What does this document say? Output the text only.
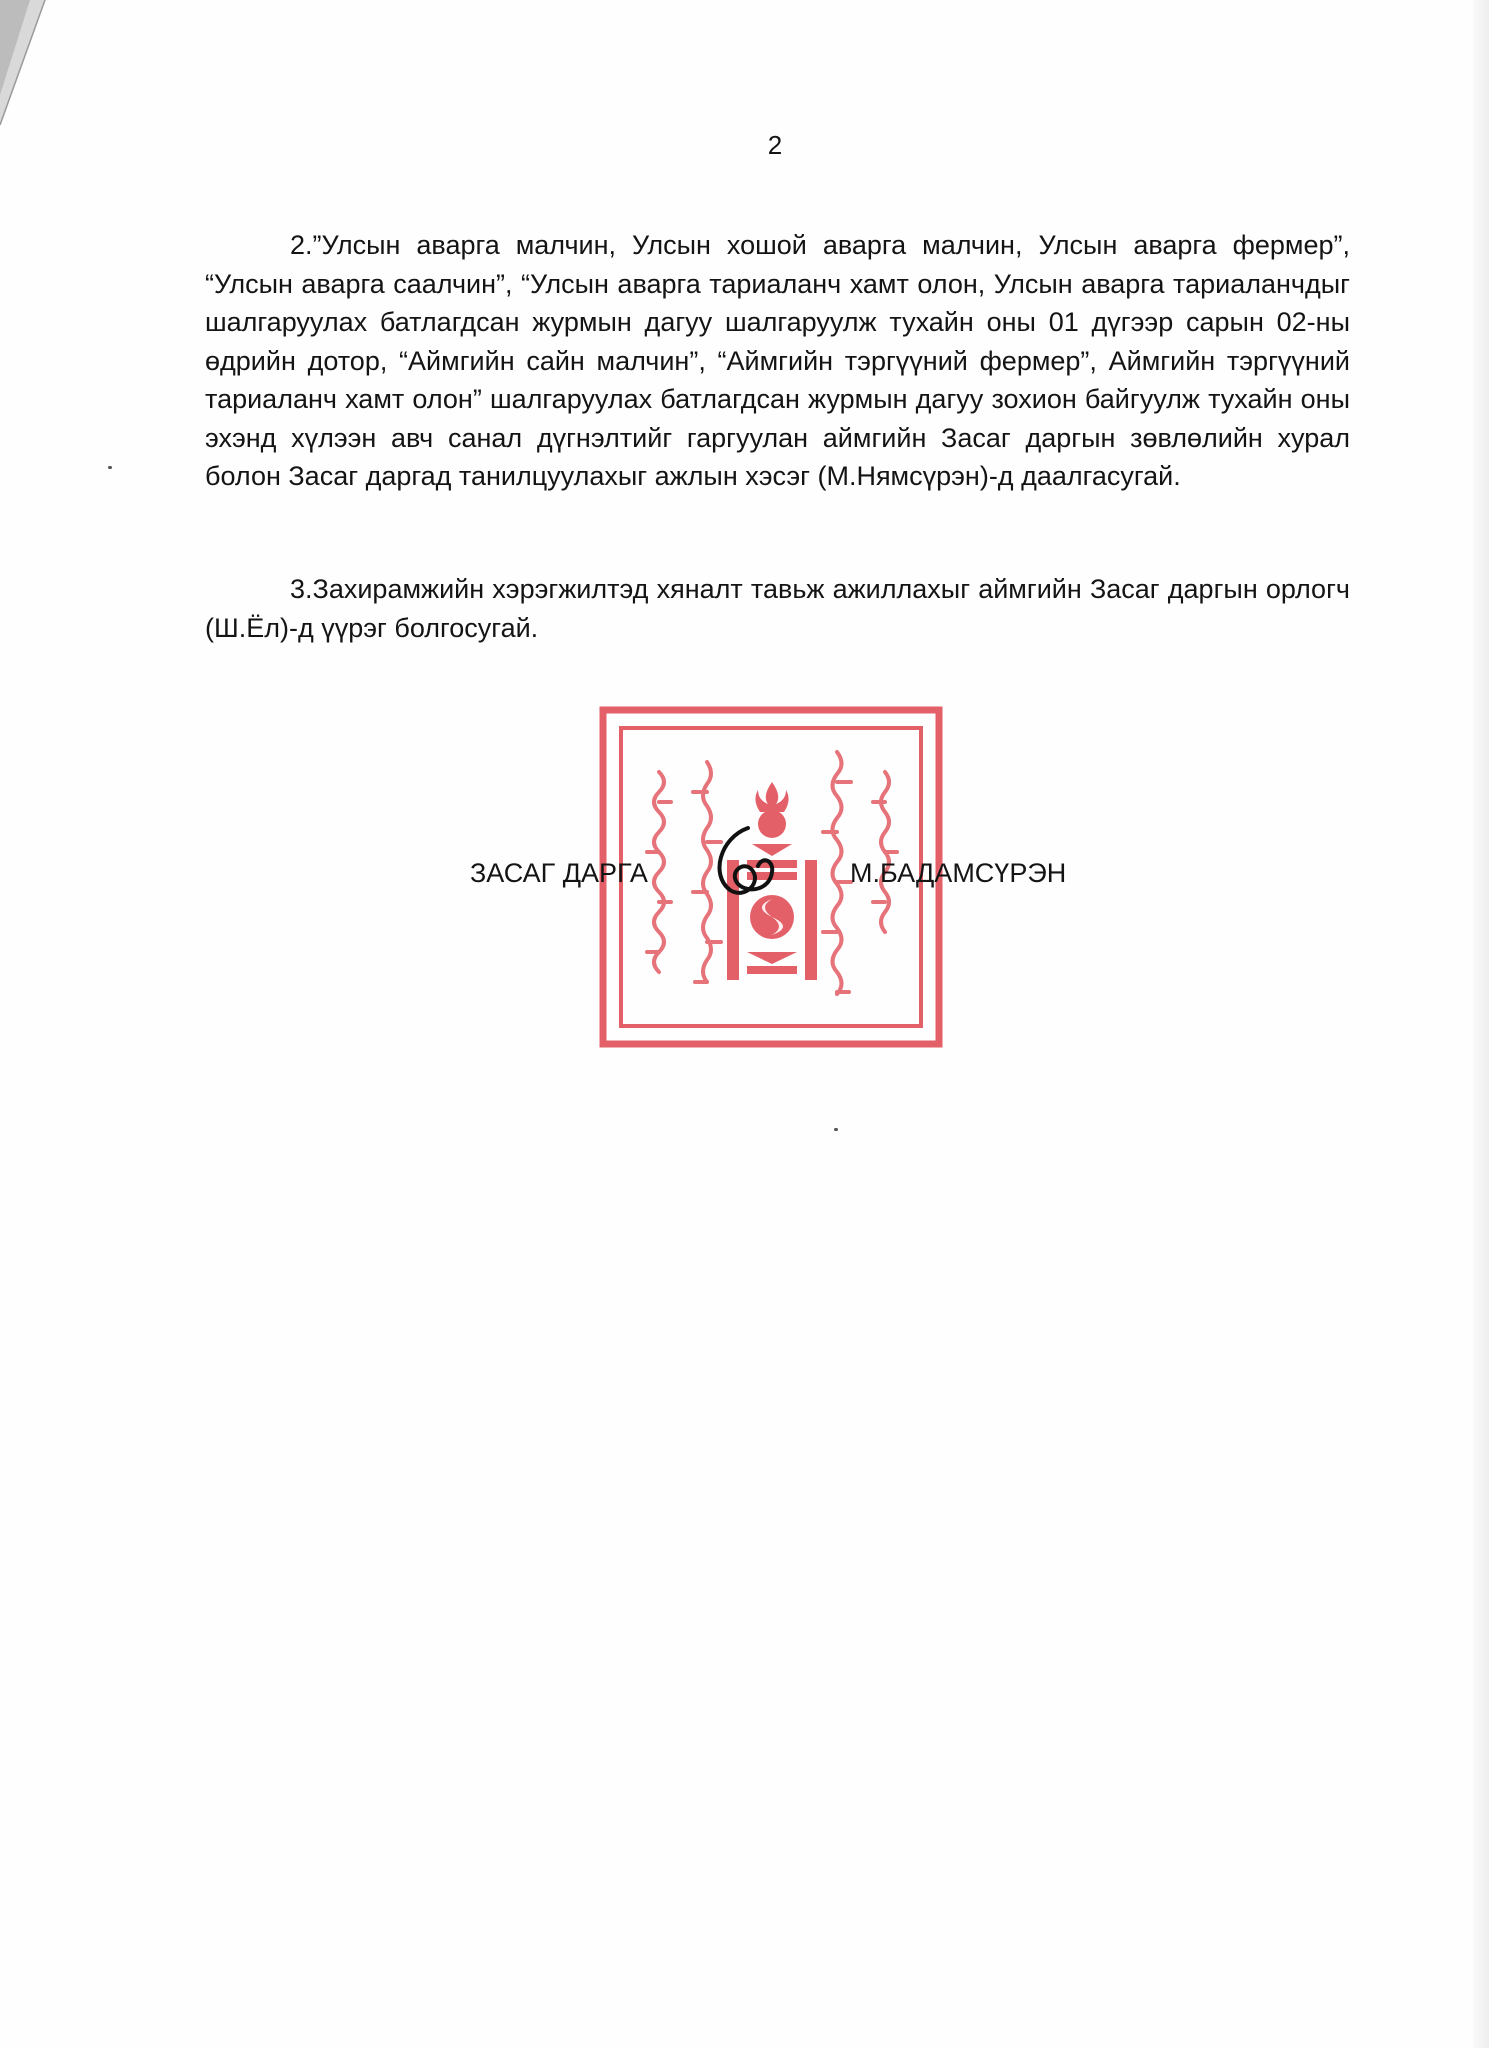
2

2.”Улсын аварга малчин, Улсын хошой аварга малчин, Улсын аварга фермер”, “Улсын аварга саалчин”, “Улсын аварга тариаланч хамт олон, Улсын аварга тариаланчдыг шалгаруулах батлагдсан журмын дагуу шалгаруулж тухайн оны 01 дүгээр сарын 02-ны өдрийн дотор, “Аймгийн сайн малчин”, “Аймгийн тэргүүний фермер”, Аймгийн тэргүүний тариаланч хамт олон” шалгаруулах батлагдсан журмын дагуу зохион байгуулж тухайн оны эхэнд хүлээн авч санал дүгнэлтийг гаргуулан аймгийн Засаг даргын зөвлөлийн хурал болон Засаг даргад танилцуулахыг ажлын хэсэг (М.Нямсүрэн)-д даалгасугай.

3.Захирамжийн хэрэгжилтэд хяналт тавьж ажиллахыг аймгийн Засаг даргын орлогч (Ш.Ёл)-д үүрэг болгосугай.

ЗАСАГ ДАРГА	М.БАДАМСҮРЭН
